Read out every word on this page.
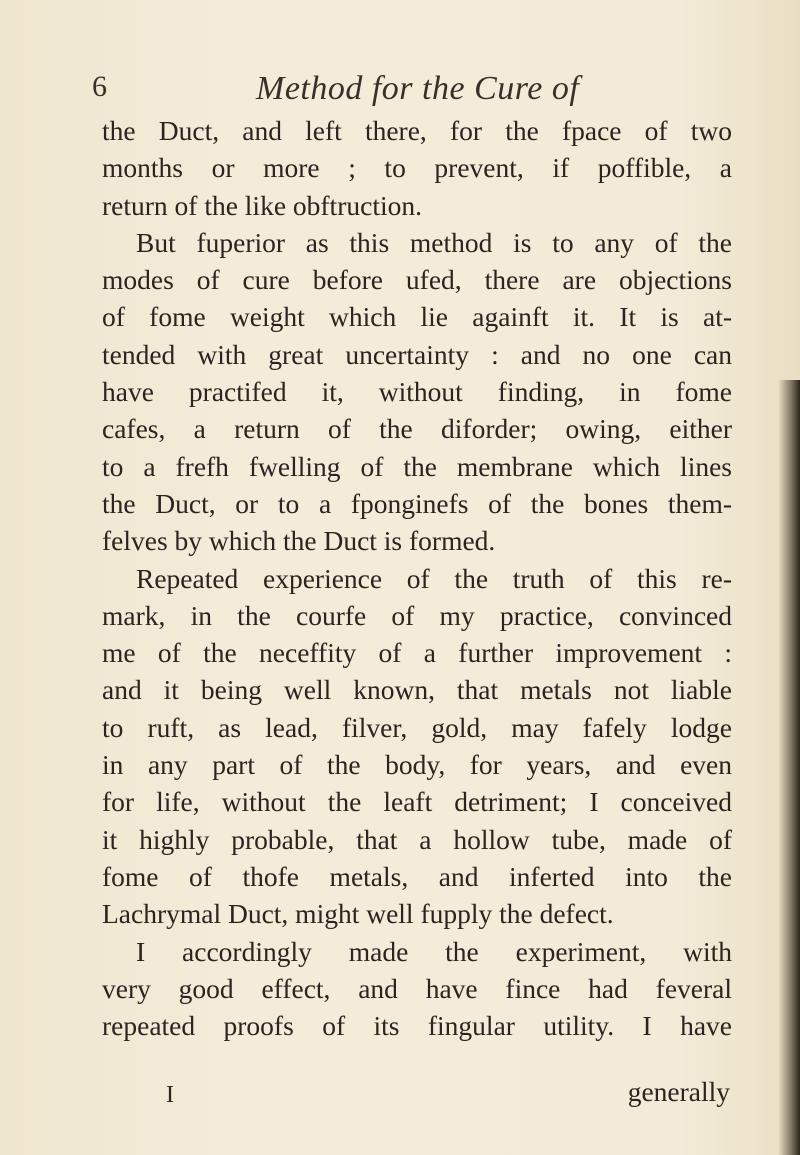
6	Method for the Cure of
the Duct, and left there, for the fpace of two
months or more ; to prevent, if poffible, a
return of the like obftruction.
But fuperior as this method is to any of the
modes of cure before ufed, there are objections
of fome weight which lie againft it. It is at-
tended with great uncertainty : and no one can
have practifed it, without finding, in fome
cafes, a return of the diforder; owing, either
to a frefh fwelling of the membrane which lines
the Duct, or to a fponginefs of the bones them-
felves by which the Duct is formed.
Repeated experience of the truth of this re-
mark, in the courfe of my practice, convinced
me of the neceffity of a further improvement :
and it being well known, that metals not liable
to ruft, as lead, filver, gold, may fafely lodge
in any part of the body, for years, and even
for life, without the leaft detriment; I conceived
it highly probable, that a hollow tube, made of
fome of thofe metals, and inferted into the
Lachrymal Duct, might well fupply the defect.
I accordingly made the experiment, with
very good effect, and have fince had feveral
repeated proofs of its fingular utility. I have
I	generally
